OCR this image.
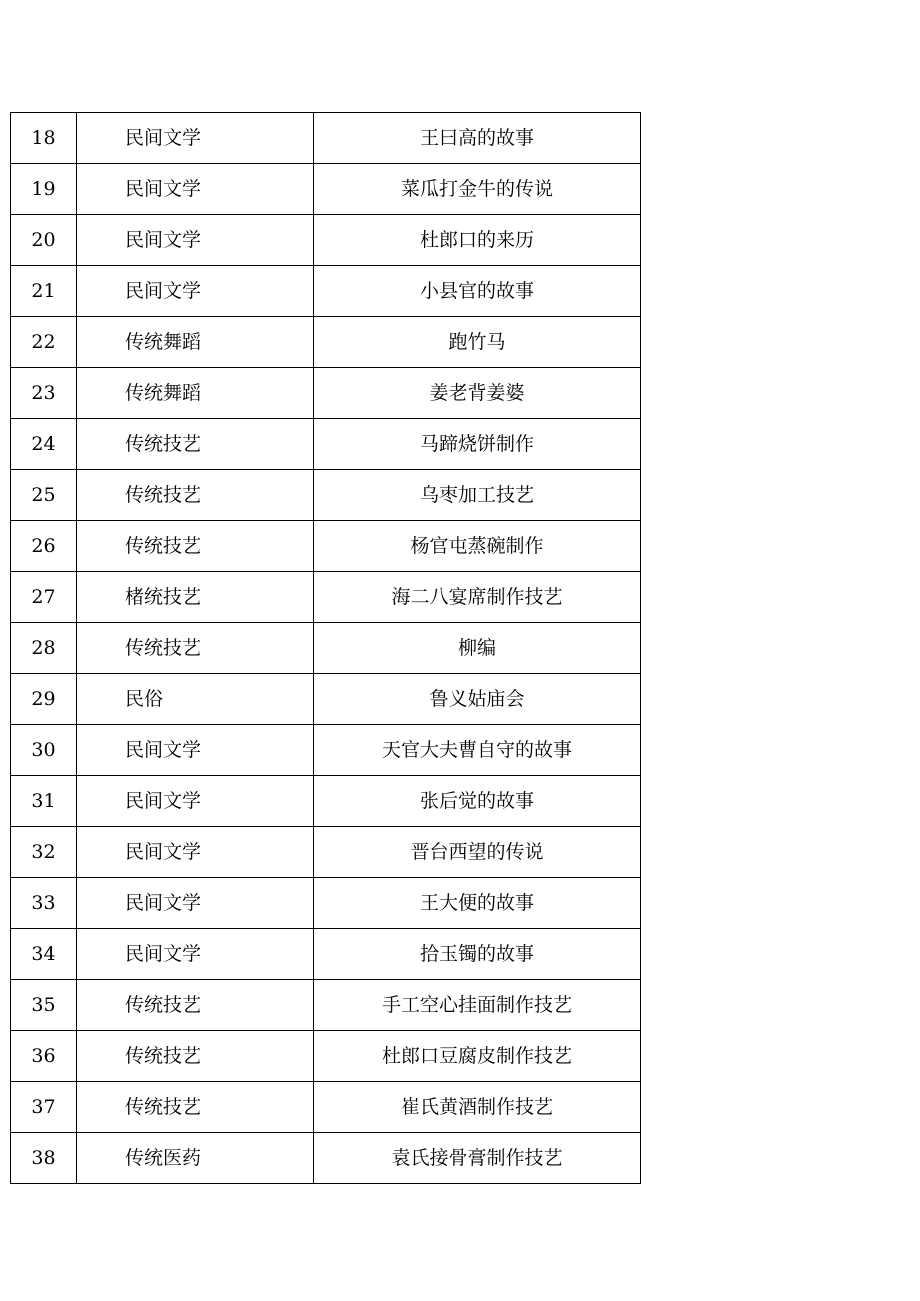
18	民间文学	王曰高的故事
19	民间文学	菜瓜打金牛的传说
20	民间文学	杜郎口的来历
21	民间文学	小县官的故事
22	传统舞蹈	跑竹马
23	传统舞蹈	姜老背姜婆
24	传统技艺	马蹄烧饼制作
25	传统技艺	乌枣加工技艺
26	传统技艺	杨官屯蒸碗制作
27	楮统技艺	海二八宴席制作技艺
28	传统技艺	柳编
29	民俗	鲁义姑庙会
30	民间文学	天官大夫曹自守的故事
31	民间文学	张后觉的故事
32	民间文学	晋台西望的传说
33	民间文学	王大便的故事
34	民间文学	拾玉镯的故事
35	传统技艺	手工空心挂面制作技艺
36	传统技艺	杜郎口豆腐皮制作技艺
37	传统技艺	崔氏黄酒制作技艺
38	传统医药	袁氏接骨膏制作技艺
